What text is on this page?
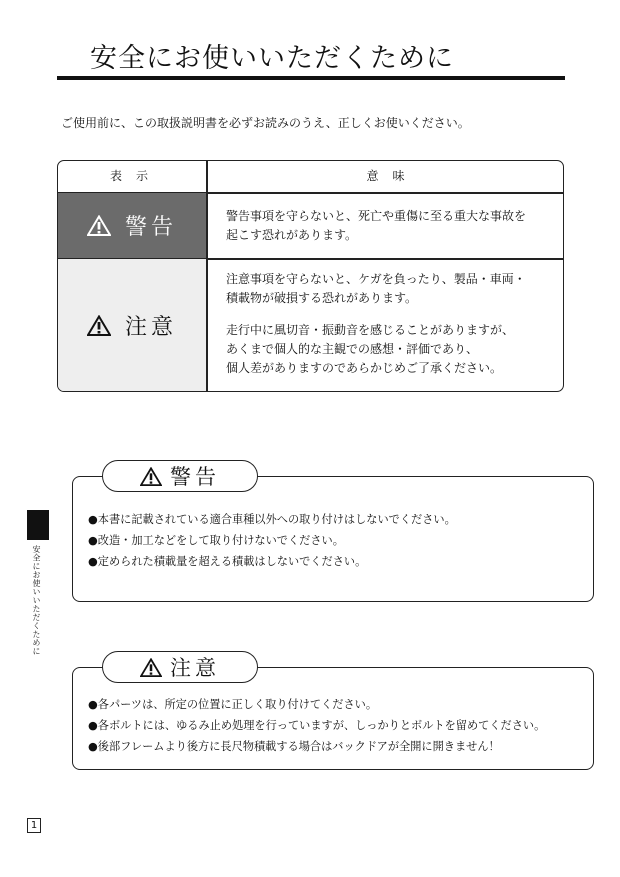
安全にお使いいただくために
ご使用前に、この取扱説明書を必ずお読みのうえ、正しくお使いください。
表示	意味
警告
注意
警告事項を守らないと、死亡や重傷に至る重大な事故を
起こす恐れがあります。
注意事項を守らないと、ケガを負ったり、製品・車両・
積載物が破損する恐れがあります。
走行中に風切音・振動音を感じることがありますが、
あくまで個人的な主観での感想・評価であり、
個人差がありますのであらかじめご了承ください。
警告
● 本書に記載されている適合車種以外への取り付けはしないでください。
● 改造・加工などをして取り付けないでください。
● 定められた積載量を超える積載はしないでください。
注意
● 各パーツは、所定の位置に正しく取り付けてください。
● 各ボルトには、ゆるみ止め処理を行っていますが、しっかりとボルトを留めてください。
● 後部フレームより後方に長尺物積載する場合はバックドアが全開に開きません！
安全にお使いいただくために
1
